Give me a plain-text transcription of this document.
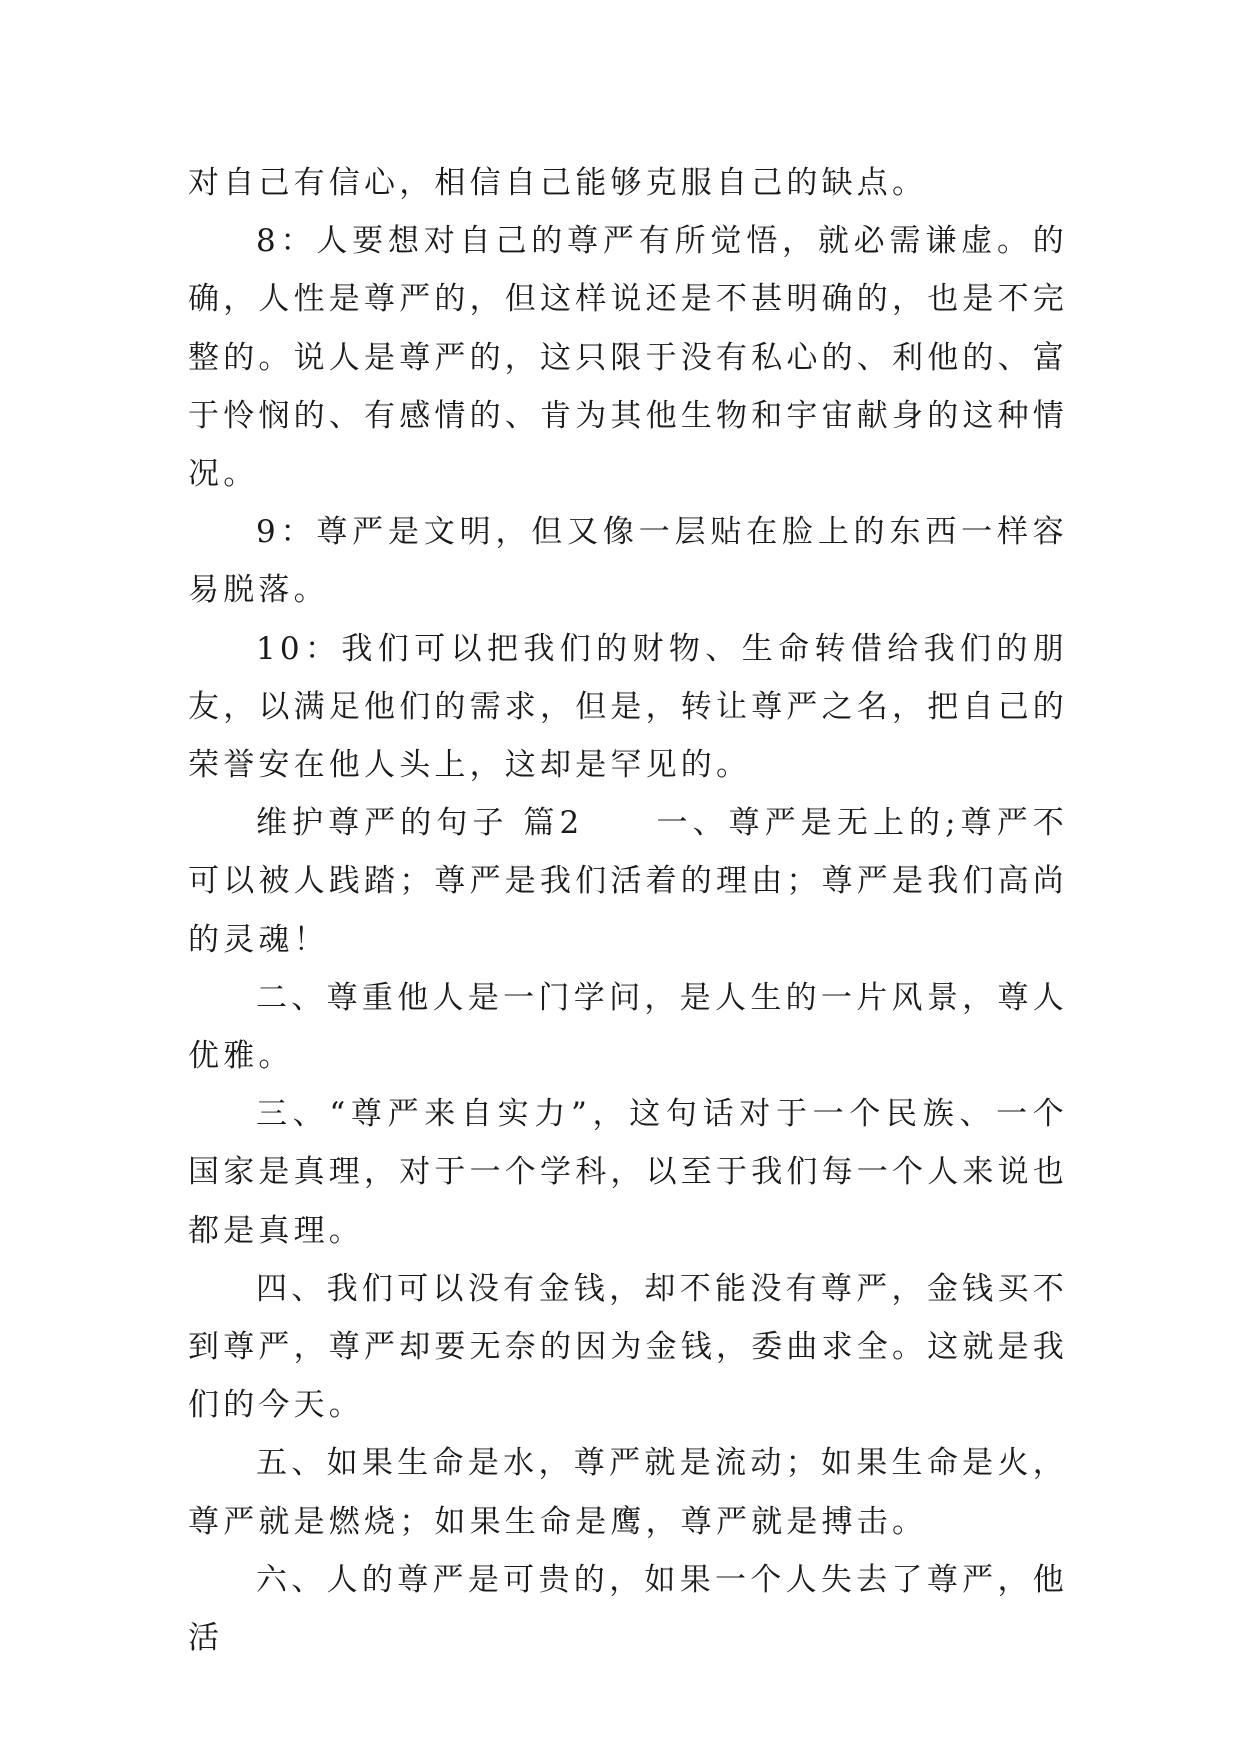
对自己有信心，相信自己能够克服自己的缺点。

8：人要想对自己的尊严有所觉悟，就必需谦虚。的确，人性是尊严的，但这样说还是不甚明确的，也是不完整的。说人是尊严的，这只限于没有私心的、利他的、富于怜悯的、有感情的、肯为其他生物和宇宙献身的这种情况。

9：尊严是文明，但又像一层贴在脸上的东西一样容易脱落。

10：我们可以把我们的财物、生命转借给我们的朋友，以满足他们的需求，但是，转让尊严之名，把自己的荣誉安在他人头上，这却是罕见的。

维护尊严的句子 篇2　　一、尊严是无上的;尊严不可以被人践踏；尊严是我们活着的理由；尊严是我们高尚的灵魂！

二、尊重他人是一门学问，是人生的一片风景，尊人优雅。

三、“尊严来自实力”，这句话对于一个民族、一个国家是真理，对于一个学科，以至于我们每一个人来说也都是真理。

四、我们可以没有金钱，却不能没有尊严，金钱买不到尊严，尊严却要无奈的因为金钱，委曲求全。这就是我们的今天。

五、如果生命是水，尊严就是流动；如果生命是火，尊严就是燃烧；如果生命是鹰，尊严就是搏击。

六、人的尊严是可贵的，如果一个人失去了尊严，他活
